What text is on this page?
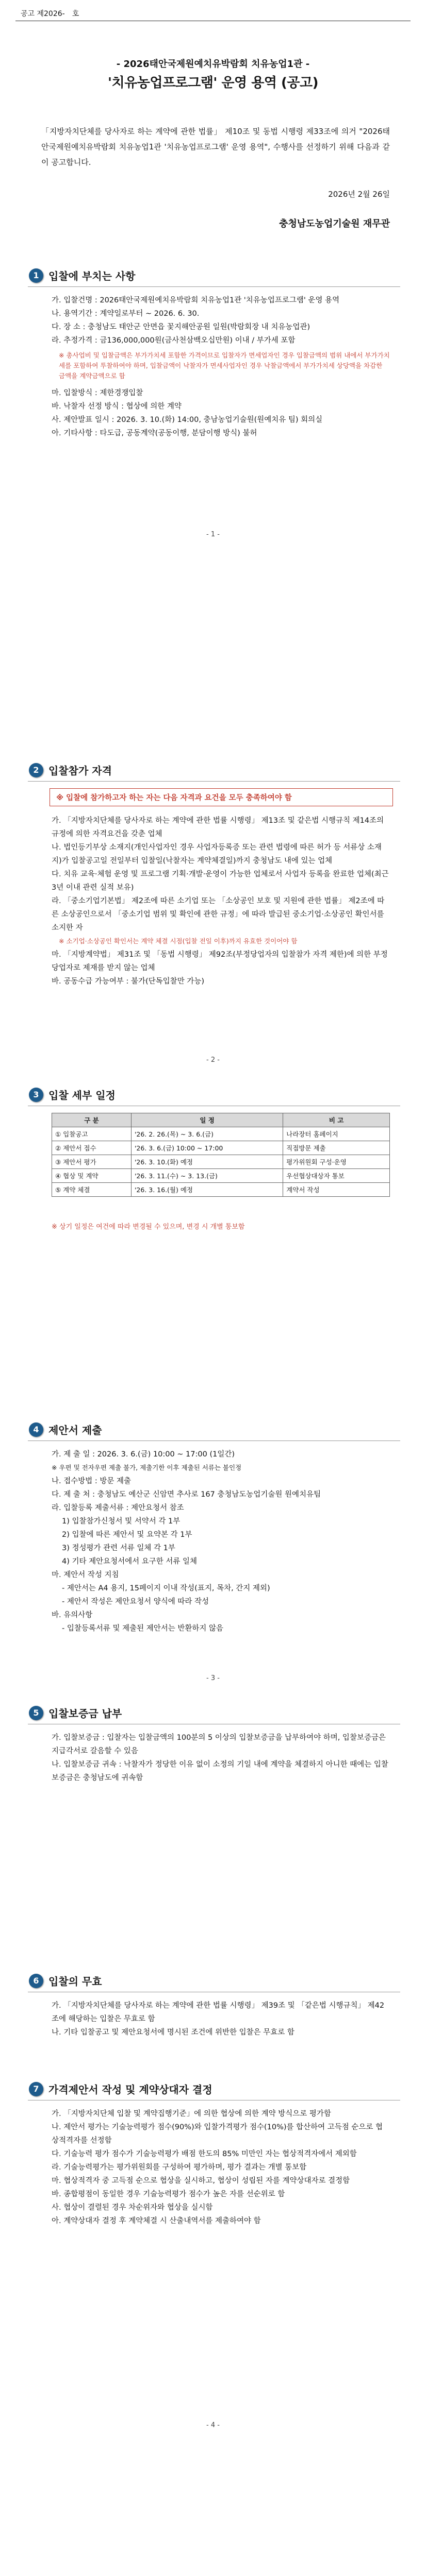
공고 제2026- 호
- 2026태안국제원예치유박람회 치유농업1관 -
'치유농업프로그램' 운영 용역 (공고)
「지방자치단체를 당사자로 하는 계약에 관한 법률」 제10조 및 동법 시행령 제33조에 의거 "2026태안국제원예치유박람회 치유농업1관 '치유농업프로그램' 운영 용역", 수행사를 선정하기 위해 다음과 같이 공고합니다.
2026년 2월 26일
충청남도농업기술원 재무관
1 입찰에 부치는 사항

가. 입찰건명 : 2026태안국제원예치유박람회 치유농업1관 '치유농업프로그램' 운영 용역

나. 용역기간 : 계약일로부터 ~ 2026. 6. 30.

다. 장 소 : 충청남도 태안군 안면읍 꽃지해안공원 일원(박람회장 내 치유농업관)

라. 추정가격 : 금136,000,000원(금사천삼백오십만원) 이내 / 부가세 포함

※ 총사업비 및 입찰금액은 부가가치세 포함한 가격이므로 입찰자가 면세업자인 경우 입찰금액의 범위 내에서 부가가치세를 포함하여 투찰하여야 하며, 입찰금액이 낙찰자가 면세사업자인 경우 낙찰금액에서 부가가치세 상당액을 차감한 금액을 계약금액으로 함

마. 입찰방식 : 제한경쟁입찰

바. 낙찰자 선정 방식 : 협상에 의한 계약

사. 제안발표 일시 : 2026. 3. 10.(화) 14:00, 충남농업기술원(원예치유 팀) 회의실

아. 기타사항 : 타도급, 공동계약(공동이행, 분담이행 방식) 불허

- 1 -
2 입찰참가 자격
※ 입찰에 참가하고자 하는 자는 다음 자격과 요건을 모두 충족하여야 함

가. 「지방자치단체를 당사자로 하는 계약에 관한 법률 시행령」 제13조 및 같은법 시행규칙 제14조의 규정에 의한 자격요건을 갖춘 업체

나. 법인등기부상 소재지(개인사업자인 경우 사업자등록증 또는 관련 법령에 따른 허가 등 서류상 소재지)가 입찰공고일 전일부터 입찰일(낙찰자는 계약체결일)까지 충청남도 내에 있는 업체

다. 치유 교육·체험 운영 및 프로그램 기획·개발·운영이 가능한 업체로서 사업자 등록을 완료한 업체(최근 3년 이내 관련 실적 보유)

라. 「중소기업기본법」 제2조에 따른 소기업 또는 「소상공인 보호 및 지원에 관한 법률」 제2조에 따른 소상공인으로서 「중소기업 범위 및 확인에 관한 규정」에 따라 발급된 중소기업·소상공인 확인서를 소지한 자

※ 소기업·소상공인 확인서는 계약 체결 시점(입찰 전일 이후)까지 유효한 것이어야 함

마. 「지방계약법」 제31조 및 「동법 시행령」 제92조(부정당업자의 입찰참가 자격 제한)에 의한 부정당업자로 제재를 받지 않는 업체

바. 공동수급 가능여부 : 불가(단독입찰만 가능)

- 2 -
3 입찰 세부 일정
구 분	일 정	비 고
① 입찰공고	'26. 2. 26.(목) ~ 3. 6.(금)	나라장터 홈페이지
② 제안서 접수	'26. 3. 6.(금) 10:00 ~ 17:00	직접방문 제출
③ 제안서 평가	'26. 3. 10.(화) 예정	평가위원회 구성·운영
④ 협상 및 계약	'26. 3. 11.(수) ~ 3. 13.(금)	우선협상대상자 통보
⑤ 계약 체결	'26. 3. 16.(월) 예정	계약서 작성
※ 상기 일정은 여건에 따라 변경될 수 있으며, 변경 시 개별 통보함
4 제안서 제출

가. 제 출 일 : 2026. 3. 6.(금) 10:00 ~ 17:00 (1일간)

※ 우편 및 전자우편 제출 불가, 제출기한 이후 제출된 서류는 불인정

나. 접수방법 : 방문 제출

다. 제 출 처 : 충청남도 예산군 신암면 추사로 167 충청남도농업기술원 원예치유팀

라. 입찰등록 제출서류 : 제안요청서 참조

1) 입찰참가신청서 및 서약서 각 1부

2) 입찰에 따른 제안서 및 요약본 각 1부

3) 정성평가 관련 서류 일체 각 1부

4) 기타 제안요청서에서 요구한 서류 일체

마. 제안서 작성 지침

- 제안서는 A4 용지, 15페이지 이내 작성(표지, 목차, 간지 제외)

- 제안서 작성은 제안요청서 양식에 따라 작성

바. 유의사항

- 입찰등록서류 및 제출된 제안서는 반환하지 않음

- 3 -
5 입찰보증금 납부

가. 입찰보증금 : 입찰자는 입찰금액의 100분의 5 이상의 입찰보증금을 납부하여야 하며, 입찰보증금은 지급각서로 갈음할 수 있음

나. 입찰보증금 귀속 : 낙찰자가 정당한 이유 없이 소정의 기일 내에 계약을 체결하지 아니한 때에는 입찰보증금은 충청남도에 귀속함

6 입찰의 무효

가. 「지방자치단체를 당사자로 하는 계약에 관한 법률 시행령」 제39조 및 「같은법 시행규칙」 제42조에 해당하는 입찰은 무효로 함

나. 기타 입찰공고 및 제안요청서에 명시된 조건에 위반한 입찰은 무효로 함

7 가격제안서 작성 및 계약상대자 결정

가. 「지방자치단체 입찰 및 계약집행기준」에 의한 협상에 의한 계약 방식으로 평가함

나. 제안서 평가는 기술능력평가 점수(90%)와 입찰가격평가 점수(10%)를 합산하여 고득점 순으로 협상적격자를 선정함

다. 기술능력 평가 점수가 기술능력평가 배점 한도의 85% 미만인 자는 협상적격자에서 제외함

라. 기술능력평가는 평가위원회를 구성하여 평가하며, 평가 결과는 개별 통보함

마. 협상적격자 중 고득점 순으로 협상을 실시하고, 협상이 성립된 자를 계약상대자로 결정함

바. 종합평점이 동일한 경우 기술능력평가 점수가 높은 자를 선순위로 함

사. 협상이 결렬된 경우 차순위자와 협상을 실시함

아. 계약상대자 결정 후 계약체결 시 산출내역서를 제출하여야 함

- 4 -
